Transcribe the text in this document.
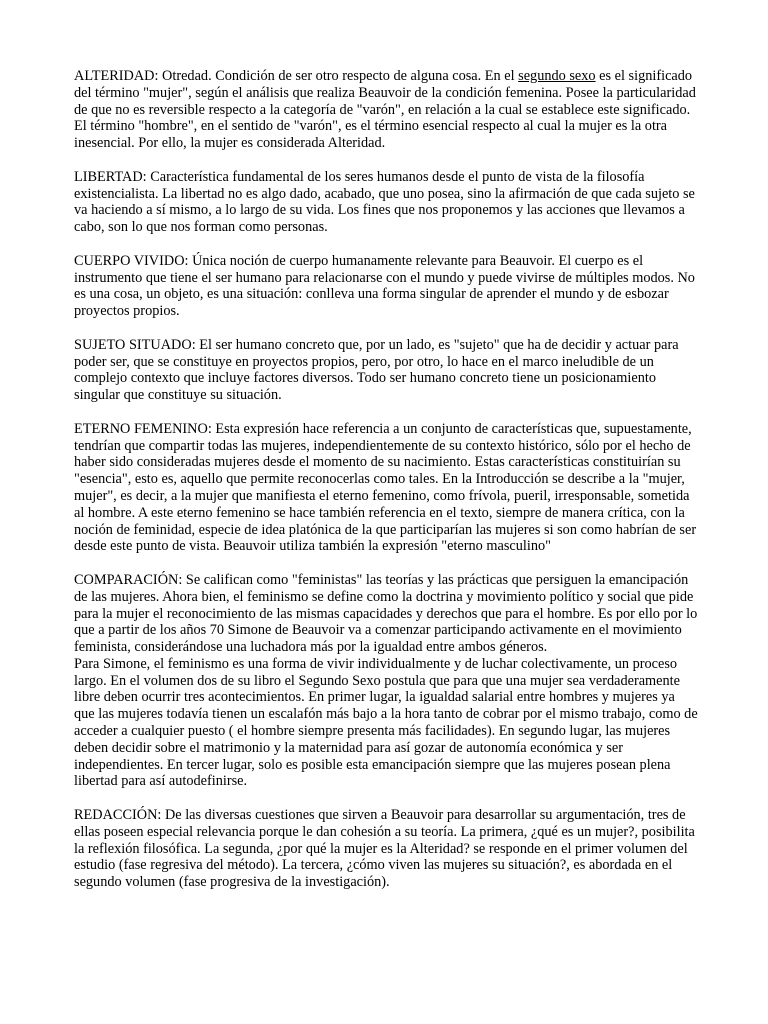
ALTERIDAD: Otredad. Condición de ser otro respecto de alguna cosa. En el segundo sexo es el significado del término "mujer", según el análisis que realiza Beauvoir de la condición femenina. Posee la particularidad de que no es reversible respecto a la categoría de "varón", en relación a la cual se establece este significado. El término "hombre", en el sentido de "varón", es el término esencial respecto al cual la mujer es la otra inesencial. Por ello, la mujer es considerada Alteridad.

LIBERTAD: Característica fundamental de los seres humanos desde el punto de vista de la filosofía existencialista. La libertad no es algo dado, acabado, que uno posea, sino la afirmación de que cada sujeto se va haciendo a sí mismo, a lo largo de su vida. Los fines que nos proponemos y las acciones que llevamos a cabo, son lo que nos forman como personas.

CUERPO VIVIDO: Única noción de cuerpo humanamente relevante para Beauvoir. El cuerpo es el instrumento que tiene el ser humano para relacionarse con el mundo y puede vivirse de múltiples modos. No es una cosa, un objeto, es una situación: conlleva una forma singular de aprender el mundo y de esbozar proyectos propios.

SUJETO SITUADO: El ser humano concreto que, por un lado, es "sujeto" que ha de decidir y actuar para poder ser, que se constituye en proyectos propios, pero, por otro, lo hace en el marco ineludible de un complejo contexto que incluye factores diversos. Todo ser humano concreto tiene un posicionamiento singular que constituye su situación.

ETERNO FEMENINO: Esta expresión hace referencia a un conjunto de características que, supuestamente, tendrían que compartir todas las mujeres, independientemente de su contexto histórico, sólo por el hecho de haber sido consideradas mujeres desde el momento de su nacimiento. Estas características constituirían su "esencia", esto es, aquello que permite reconocerlas como tales. En la Introducción se describe a la "mujer, mujer", es decir, a la mujer que manifiesta el eterno femenino, como frívola, pueril, irresponsable, sometida al hombre. A este eterno femenino se hace también referencia en el texto, siempre de manera crítica, con la noción de feminidad, especie de idea platónica de la que participarían las mujeres si son como habrían de ser desde este punto de vista. Beauvoir utiliza también la expresión "eterno masculino"

COMPARACIÓN: Se califican como "feministas" las teorías y las prácticas que persiguen la emancipación de las mujeres. Ahora bien, el feminismo se define como la doctrina y movimiento político y social que pide para la mujer el reconocimiento de las mismas capacidades y derechos que para el hombre. Es por ello por lo que a partir de los años 70 Simone de Beauvoir va a comenzar participando activamente en el movimiento feminista, considerándose una luchadora más por la igualdad entre ambos géneros.

Para Simone, el feminismo es una forma de vivir individualmente y de luchar colectivamente, un proceso largo. En el volumen dos de su libro el Segundo Sexo postula que para que una mujer sea verdaderamente libre deben ocurrir tres acontecimientos. En primer lugar, la igualdad salarial entre hombres y mujeres ya que las mujeres todavía tienen un escalafón más bajo a la hora tanto de cobrar por el mismo trabajo, como de acceder a cualquier puesto ( el hombre siempre presenta más facilidades). En segundo lugar, las mujeres deben decidir sobre el matrimonio y la maternidad para así gozar de autonomía económica y ser independientes. En tercer lugar, solo es posible esta emancipación siempre que las mujeres posean plena libertad para así autodefinirse.

REDACCIÓN: De las diversas cuestiones que sirven a Beauvoir para desarrollar su argumentación, tres de ellas poseen especial relevancia porque le dan cohesión a su teoría. La primera, ¿qué es un mujer?, posibilita la reflexión filosófica. La segunda, ¿por qué la mujer es la Alteridad? se responde en el primer volumen del estudio (fase regresiva del método). La tercera, ¿cómo viven las mujeres su situación?, es abordada en el segundo volumen (fase progresiva de la investigación).
